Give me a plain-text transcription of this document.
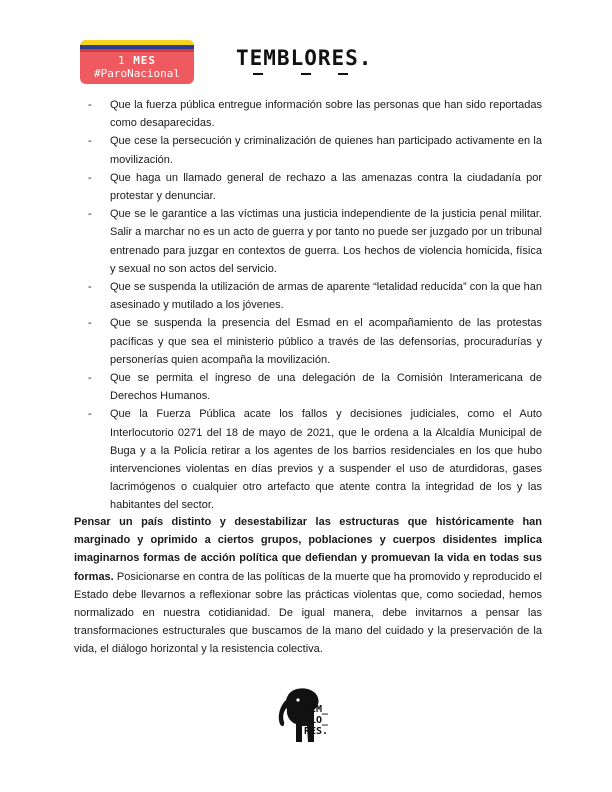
1 MES
#ParoNacional
TEMBLORES.
- Que la fuerza pública entregue información sobre las personas que han sido reportadas como desaparecidas.
- Que cese la persecución y criminalización de quienes han participado activamente en la movilización.
- Que haga un llamado general de rechazo a las amenazas contra la ciudadanía por protestar y denunciar.
- Que se le garantice a las víctimas una justicia independiente de la justicia penal militar. Salir a marchar no es un acto de guerra y por tanto no puede ser juzgado por un tribunal entrenado para juzgar en contextos de guerra. Los hechos de violencia homicida, física y sexual no son actos del servicio.
- Que se suspenda la utilización de armas de aparente “letalidad reducida” con la que han asesinado y mutilado a los jóvenes.
- Que se suspenda la presencia del Esmad en el acompañamiento de las protestas pacíficas y que sea el ministerio público a través de las defensorías, procuradurías y personerías quien acompaña la movilización.
- Que se permita el ingreso de una delegación de la Comisión Interamericana de Derechos Humanos.
- Que la Fuerza Pública acate los fallos y decisiones judiciales, como el Auto Interlocutorio 0271 del 18 de mayo de 2021, que le ordena a la Alcaldía Municipal de Buga y a la Policía retirar a los agentes de los barrios residenciales en los que hubo intervenciones violentas en días previos y a suspender el uso de aturdidoras, gases lacrimógenos o cualquier otro artefacto que atente contra la integridad de los y las habitantes del sector.

Pensar un país distinto y desestabilizar las estructuras que históricamente han marginado y oprimido a ciertos grupos, poblaciones y cuerpos disidentes implica imaginarnos formas de acción política que defiendan y promuevan la vida en todas sus formas. Posicionarse en contra de las políticas de la muerte que ha promovido y reproducido el Estado debe llevarnos a reflexionar sobre las prácticas violentas que, como sociedad, hemos normalizado en nuestra cotidianidad. De igual manera, debe invitarnos a pensar las transformaciones estructurales que buscamos de la mano del cuidado y la preservación de la vida, el diálogo horizontal y la resistencia colectiva.

TEM_
BLO_
RES.
